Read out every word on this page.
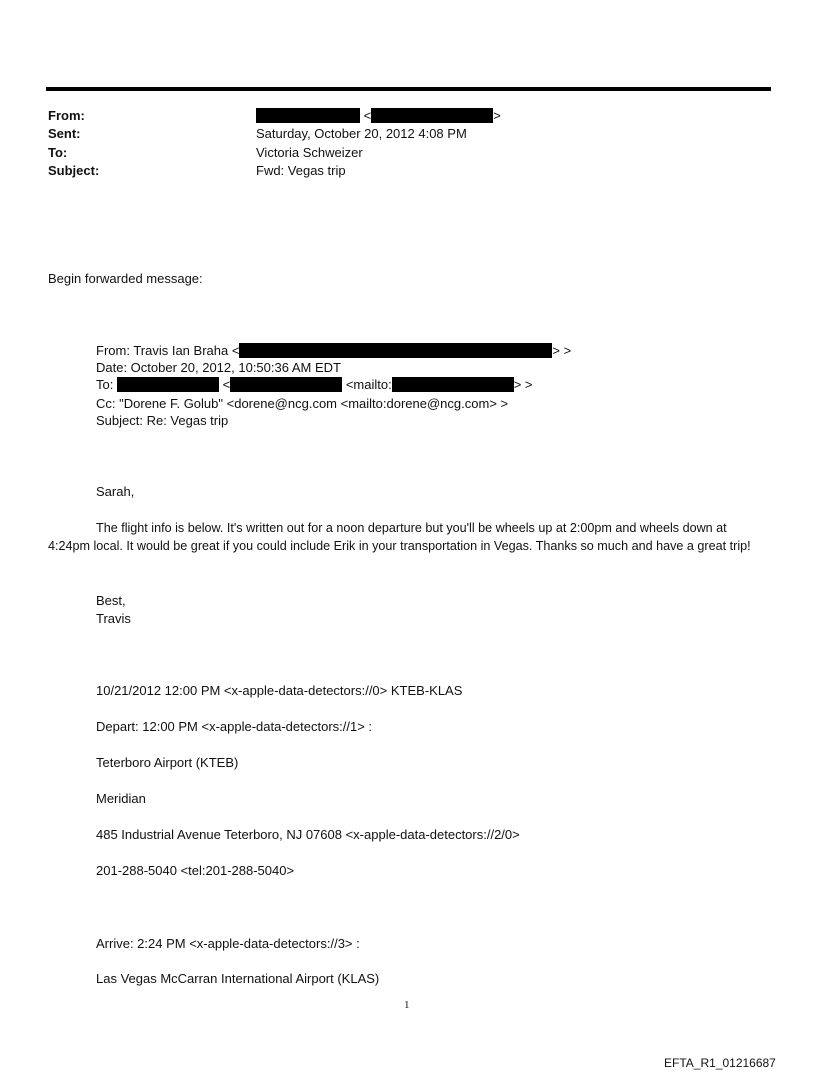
From:	<	>
Sent:	Saturday, October 20, 2012 4:08 PM
To:	Victoria Schweizer
Subject:	Fwd: Vegas trip
Begin forwarded message:
From: Travis Ian Braha <	> >
Date: October 20, 2012, 10:50:36 AM EDT
To:	<	<mailto:	> >
Cc: "Dorene F. Golub" <dorene@ncg.com <mailto:dorene@ncg.com> >
Subject: Re: Vegas trip
Sarah,
The flight info is below. It's written out for a noon departure but you'll be wheels up at 2:00pm and wheels down at 4:24pm local. It would be great if you could include Erik in your transportation in Vegas. Thanks so much and have a great trip!
Best,
Travis
10/21/2012 12:00 PM <x-apple-data-detectors://0> KTEB-KLAS
Depart: 12:00 PM <x-apple-data-detectors://1> :
Teterboro Airport (KTEB)
Meridian
485 Industrial Avenue Teterboro, NJ 07608 <x-apple-data-detectors://2/0>
201-288-5040 <tel:201-288-5040>
Arrive: 2:24 PM <x-apple-data-detectors://3> :
Las Vegas McCarran International Airport (KLAS)
1
EFTA_R1_01216687
